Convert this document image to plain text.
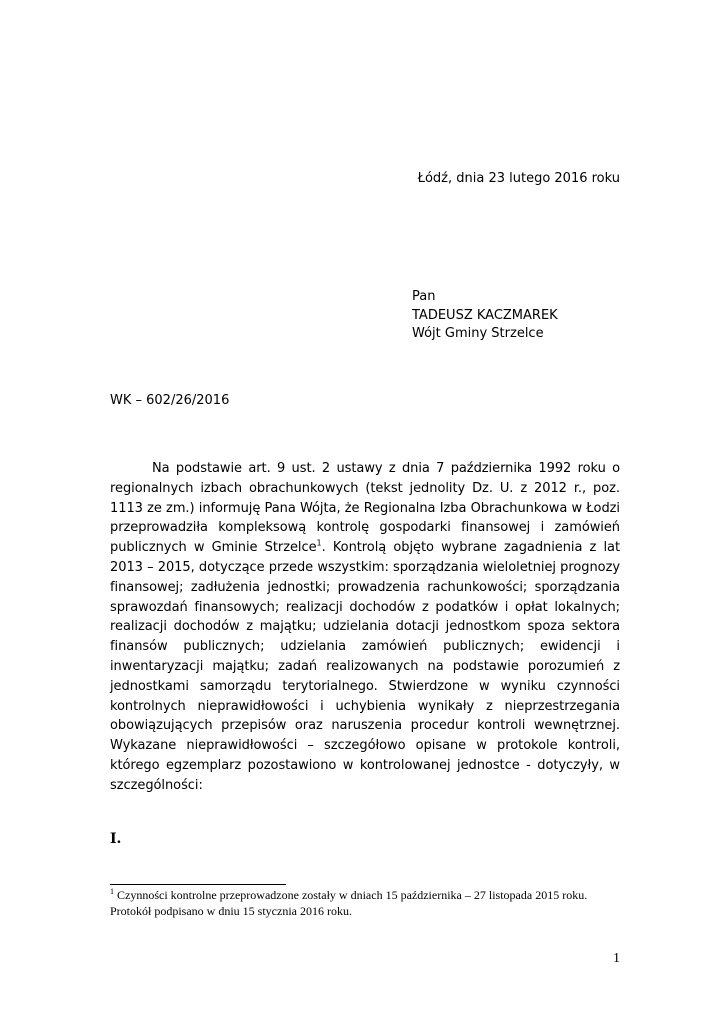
Łódź, dnia 23 lutego 2016 roku
Pan
TADEUSZ KACZMAREK
Wójt Gminy Strzelce
WK – 602/26/2016

Na podstawie art. 9 ust. 2 ustawy z dnia 7 października 1992 roku o regionalnych izbach obrachunkowych (tekst jednolity Dz. U. z 2012 r., poz. 1113 ze zm.) informuję Pana Wójta, że Regionalna Izba Obrachunkowa w Łodzi przeprowadziła kompleksową kontrolę gospodarki finansowej i zamówień publicznych w Gminie Strzelce$^1$. Kontrolą objęto wybrane zagadnienia z lat 2013 – 2015, dotyczące przede wszystkim: sporządzania wieloletniej prognozy finansowej; zadłużenia jednostki; prowadzenia rachunkowości; sporządzania sprawozdań finansowych; realizacji dochodów z podatków i opłat lokalnych; realizacji dochodów z majątku; udzielania dotacji jednostkom spoza sektora finansów publicznych; udzielania zamówień publicznych; ewidencji i inwentaryzacji majątku; zadań realizowanych na podstawie porozumień z jednostkami samorządu terytorialnego. Stwierdzone w wyniku czynności kontrolnych nieprawidłowości i uchybienia wynikały z nieprzestrzegania obowiązujących przepisów oraz naruszenia procedur kontroli wewnętrznej. Wykazane nieprawidłowości – szczegółowo opisane w protokole kontroli, którego egzemplarz pozostawiono w kontrolowanej jednostce - dotyczyły, w szczególności:

I.
$^1$ Czynności kontrolne przeprowadzone zostały w dniach 15 października – 27 listopada 2015 roku.
Protokół podpisano w dniu 15 stycznia 2016 roku.
1
